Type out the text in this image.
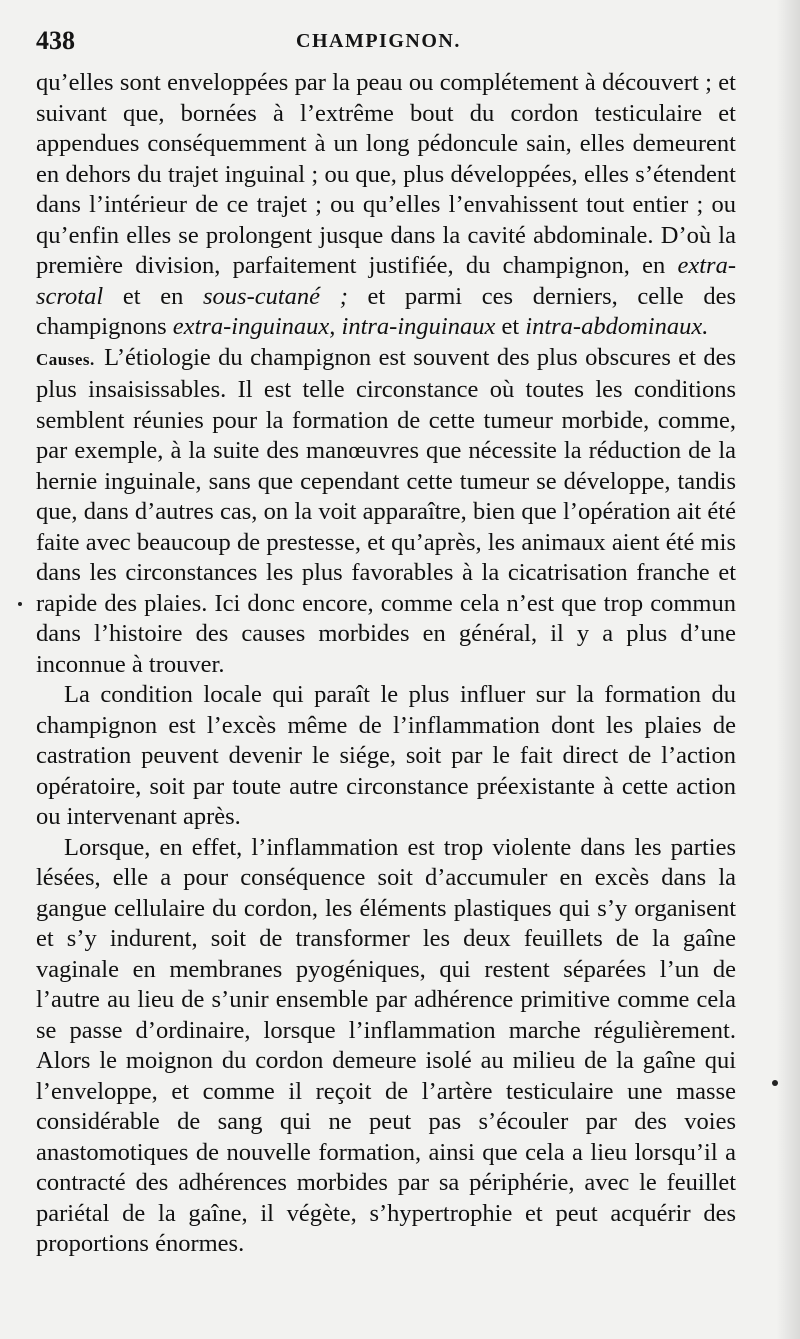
438	CHAMPIGNON.

qu’elles sont enveloppées par la peau ou complétement à découvert ; et suivant que, bornées à l’extrême bout du cordon testiculaire et appendues conséquemment à un long pédoncule sain, elles demeurent en dehors du trajet inguinal ; ou que, plus développées, elles s’étendent dans l’intérieur de ce trajet ; ou qu’elles l’envahissent tout entier ; ou qu’enfin elles se prolongent jusque dans la cavité abdominale. D’où la première division, parfaitement justifiée, du champignon, en extra-scrotal et en sous-cutané ; et parmi ces derniers, celle des champignons extra-inguinaux, intra-inguinaux et intra-abdominaux.

Causes. L’étiologie du champignon est souvent des plus obscures et des plus insaisissables. Il est telle circonstance où toutes les conditions semblent réunies pour la formation de cette tumeur morbide, comme, par exemple, à la suite des manœuvres que nécessite la réduction de la hernie inguinale, sans que cependant cette tumeur se développe, tandis que, dans d’autres cas, on la voit apparaître, bien que l’opération ait été faite avec beaucoup de prestesse, et qu’après, les animaux aient été mis dans les circonstances les plus favorables à la cicatrisation franche et rapide des plaies. Ici donc encore, comme cela n’est que trop commun dans l’histoire des causes morbides en général, il y a plus d’une inconnue à trouver.

La condition locale qui paraît le plus influer sur la formation du champignon est l’excès même de l’inflammation dont les plaies de castration peuvent devenir le siége, soit par le fait direct de l’action opératoire, soit par toute autre circonstance préexistante à cette action ou intervenant après.

Lorsque, en effet, l’inflammation est trop violente dans les parties lésées, elle a pour conséquence soit d’accumuler en excès dans la gangue cellulaire du cordon, les éléments plastiques qui s’y organisent et s’y indurent, soit de transformer les deux feuillets de la gaîne vaginale en membranes pyogéniques, qui restent séparées l’un de l’autre au lieu de s’unir ensemble par adhérence primitive comme cela se passe d’ordinaire, lorsque l’inflammation marche régulièrement. Alors le moignon du cordon demeure isolé au milieu de la gaîne qui l’enveloppe, et comme il reçoit de l’artère testiculaire une masse considérable de sang qui ne peut pas s’écouler par des voies anastomotiques de nouvelle formation, ainsi que cela a lieu lorsqu’il a contracté des adhérences morbides par sa périphérie, avec le feuillet pariétal de la gaîne, il végète, s’hypertrophie et peut acquérir des proportions énormes.
